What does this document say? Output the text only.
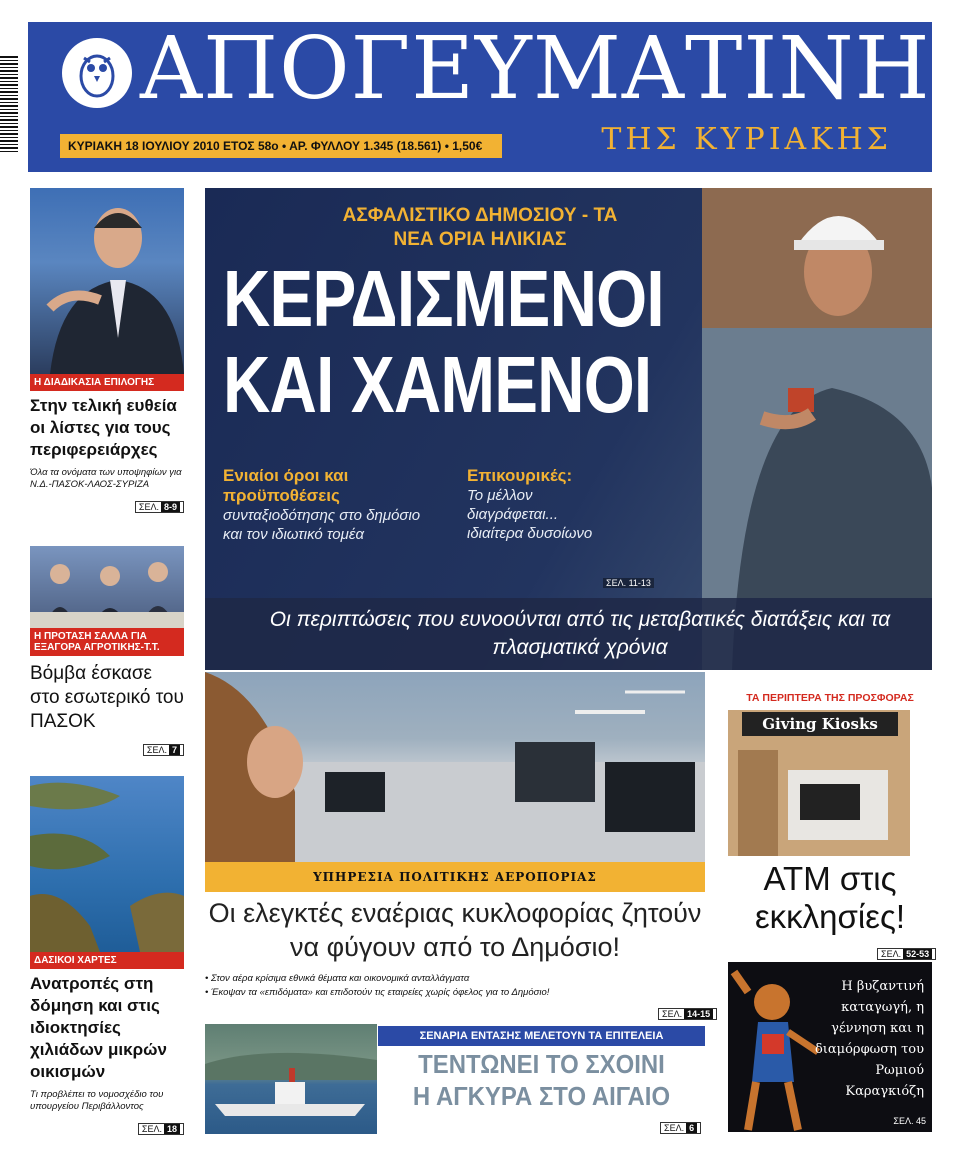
ΑΠΟΓΕΥΜΑΤΙΝΗ
ΚΥΡΙΑΚΗ 18 ΙΟΥΛΙΟΥ 2010 ΕΤΟΣ 58ο • ΑΡ. ΦΥΛΛΟΥ 1.345 (18.561) • 1,50€	ΤΗΣ ΚΥΡΙΑΚΗΣ
Η ΔΙΑΔΙΚΑΣΙΑ ΕΠΙΛΟΓΗΣ
Στην τελική ευθεία οι λίστες για τους περιφερειάρχες
Όλα τα ονόματα των υποψηφίων για Ν.Δ.-ΠΑΣΟΚ-ΛΑΟΣ-ΣΥΡΙΖΑ
ΣΕΛ. 8-9
Η ΠΡΟΤΑΣΗ ΣΑΛΛΑ ΓΙΑ ΕΞΑΓΟΡΑ ΑΓΡΟΤΙΚΗΣ-Τ.Τ.
Βόμβα έσκασε στο εσωτερικό του ΠΑΣΟΚ
ΣΕΛ. 7
ΔΑΣΙΚΟΙ ΧΑΡΤΕΣ
Ανατροπές στη δόμηση και στις ιδιοκτησίες χιλιάδων μικρών οικισμών
Τι προβλέπει το νομοσχέδιο του υπουργείου Περιβάλλοντος
ΣΕΛ. 18
ΑΣΦΑΛΙΣΤΙΚΟ ΔΗΜΟΣΙΟΥ - ΤΑ ΝΕΑ ΟΡΙΑ ΗΛΙΚΙΑΣ
ΚΕΡΔΙΣΜΕΝΟΙ
ΚΑΙ ΧΑΜΕΝΟΙ
Ενιαίοι όροι και προϋποθέσεις
συνταξιοδότησης στο δημόσιο και τον ιδιωτικό τομέα
Επικουρικές:
Το μέλλον διαγράφεται... ιδιαίτερα δυσοίωνο
ΣΕΛ. 11-13
Οι περιπτώσεις που ευνοούνται από τις μεταβατικές διατάξεις και τα πλασματικά χρόνια
ΥΠΗΡΕΣΙΑ ΠΟΛΙΤΙΚΗΣ ΑΕΡΟΠΟΡΙΑΣ
Οι ελεγκτές εναέριας κυκλοφορίας ζητούν να φύγουν από το Δημόσιο!
• Στον αέρα κρίσιμα εθνικά θέματα και οικονομικά ανταλλάγματα
• Έκοψαν τα «επιδόματα» και επιδοτούν τις εταιρείες χωρίς όφελος για το Δημόσιο!
ΣΕΛ. 14-15
ΤΑ ΠΕΡΙΠΤΕΡΑ ΤΗΣ ΠΡΟΣΦΟΡΑΣ
Giving Kiosks
ΑΤΜ στις εκκλησίες!
ΣΕΛ. 52-53
Η βυζαντινή καταγωγή, η γέννηση και η διαμόρφωση του Ρωμιού Καραγκιόζη
ΣΕΛ. 45
ΣΕΝΑΡΙΑ ΕΝΤΑΣΗΣ ΜΕΛΕΤΟΥΝ ΤΑ ΕΠΙΤΕΛΕΙΑ
ΤΕΝΤΩΝΕΙ ΤΟ ΣΧΟΙΝΙ
Η ΑΓΚΥΡΑ ΣΤΟ ΑΙΓΑΙΟ
ΣΕΛ. 6
